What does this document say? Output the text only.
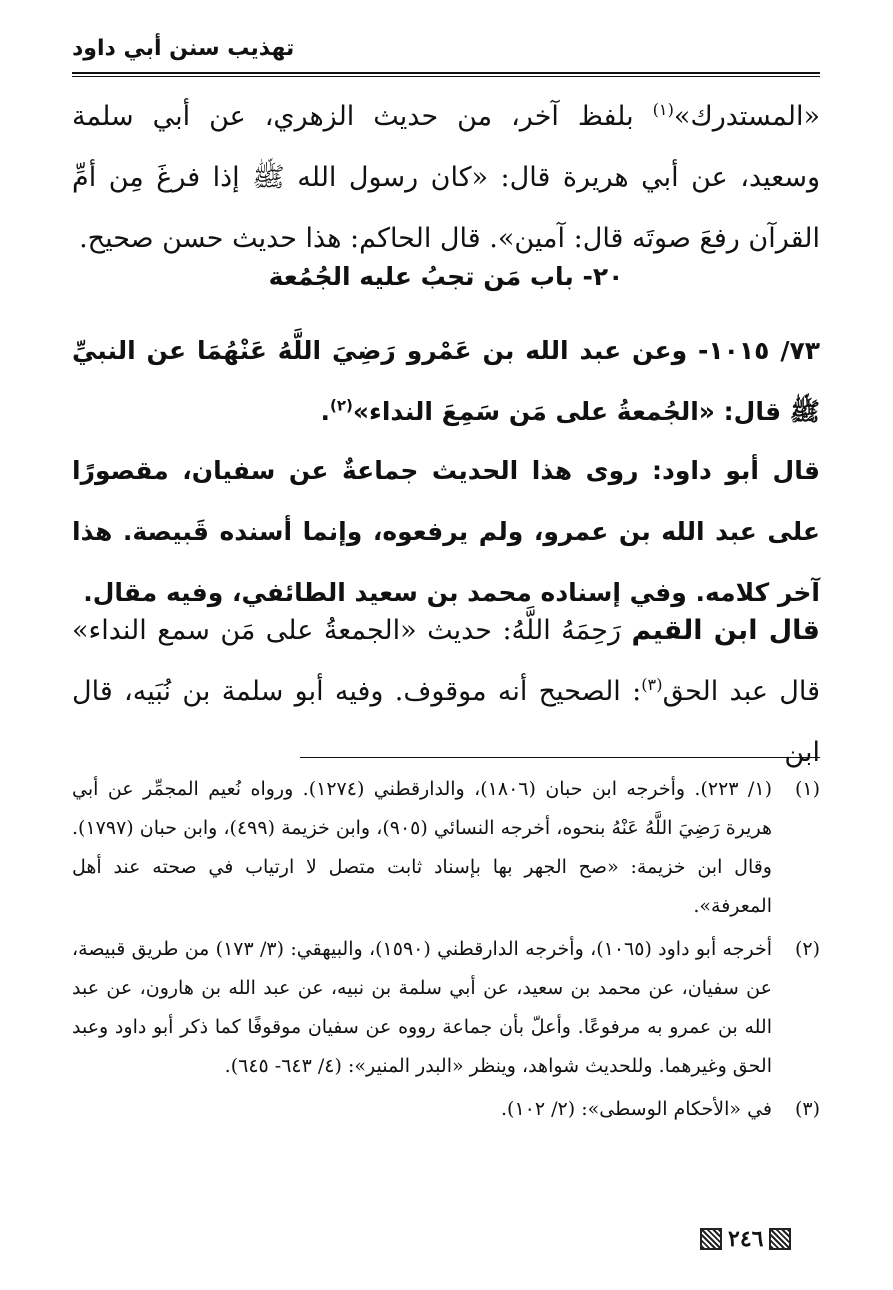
تهذيب سنن أبي داود
«المستدرك»$^{(١)}$ بلفظ آخر، من حديث الزهري، عن أبي سلمة وسعيد، عن أبي هريرة قال: «كان رسول الله ﷺ إذا فرغَ مِن أمِّ القرآن رفعَ صوتَه قال: آمين». قال الحاكم: هذا حديث حسن صحيح.
٢٠- باب مَن تجبُ عليه الجُمُعة
٧٣/ ١٠١٥- وعن عبد الله بن عَمْرو رَضِيَ اللَّهُ عَنْهُمَا عن النبيِّ ﷺ قال: «الجُمعةُ على مَن سَمِعَ النداء»$^{(٢)}$.
قال أبو داود: روى هذا الحديث جماعةٌ عن سفيان، مقصورًا على عبد الله بن عمرو، ولم يرفعوه، وإنما أسنده قَبيصة. هذا آخر كلامه. وفي إسناده محمد بن سعيد الطائفي، وفيه مقال.
قال ابن القيم رَحِمَهُ اللَّهُ: حديث «الجمعةُ على مَن سمع النداء» قال عبد الحق$^{(٣)}$: الصحيح أنه موقوف. وفيه أبو سلمة بن نُبَيه، قال ابن
(١)
(١/ ٢٢٣). وأخرجه ابن حبان (١٨٠٦)، والدارقطني (١٢٧٤). ورواه نُعيم المجمِّر عن أبي هريرة رَضِيَ اللَّهُ عَنْهُ بنحوه، أخرجه النسائي (٩٠٥)، وابن خزيمة (٤٩٩)، وابن حبان (١٧٩٧). وقال ابن خزيمة: «صح الجهر بها بإسناد ثابت متصل لا ارتياب في صحته عند أهل المعرفة».
(٢)
أخرجه أبو داود (١٠٦٥)، وأخرجه الدارقطني (١٥٩٠)، والبيهقي: (٣/ ١٧٣) من طريق قبيصة، عن سفيان، عن محمد بن سعيد، عن أبي سلمة بن نبيه، عن عبد الله بن هارون، عن عبد الله بن عمرو به مرفوعًا. وأعلّ بأن جماعة رووه عن سفيان موقوفًا كما ذكر أبو داود وعبد الحق وغيرهما. وللحديث شواهد، وينظر «البدر المنير»: (٤/ ٦٤٣- ٦٤٥).
(٣)
في «الأحكام الوسطى»: (٢/ ١٠٢).
٢٤٦
